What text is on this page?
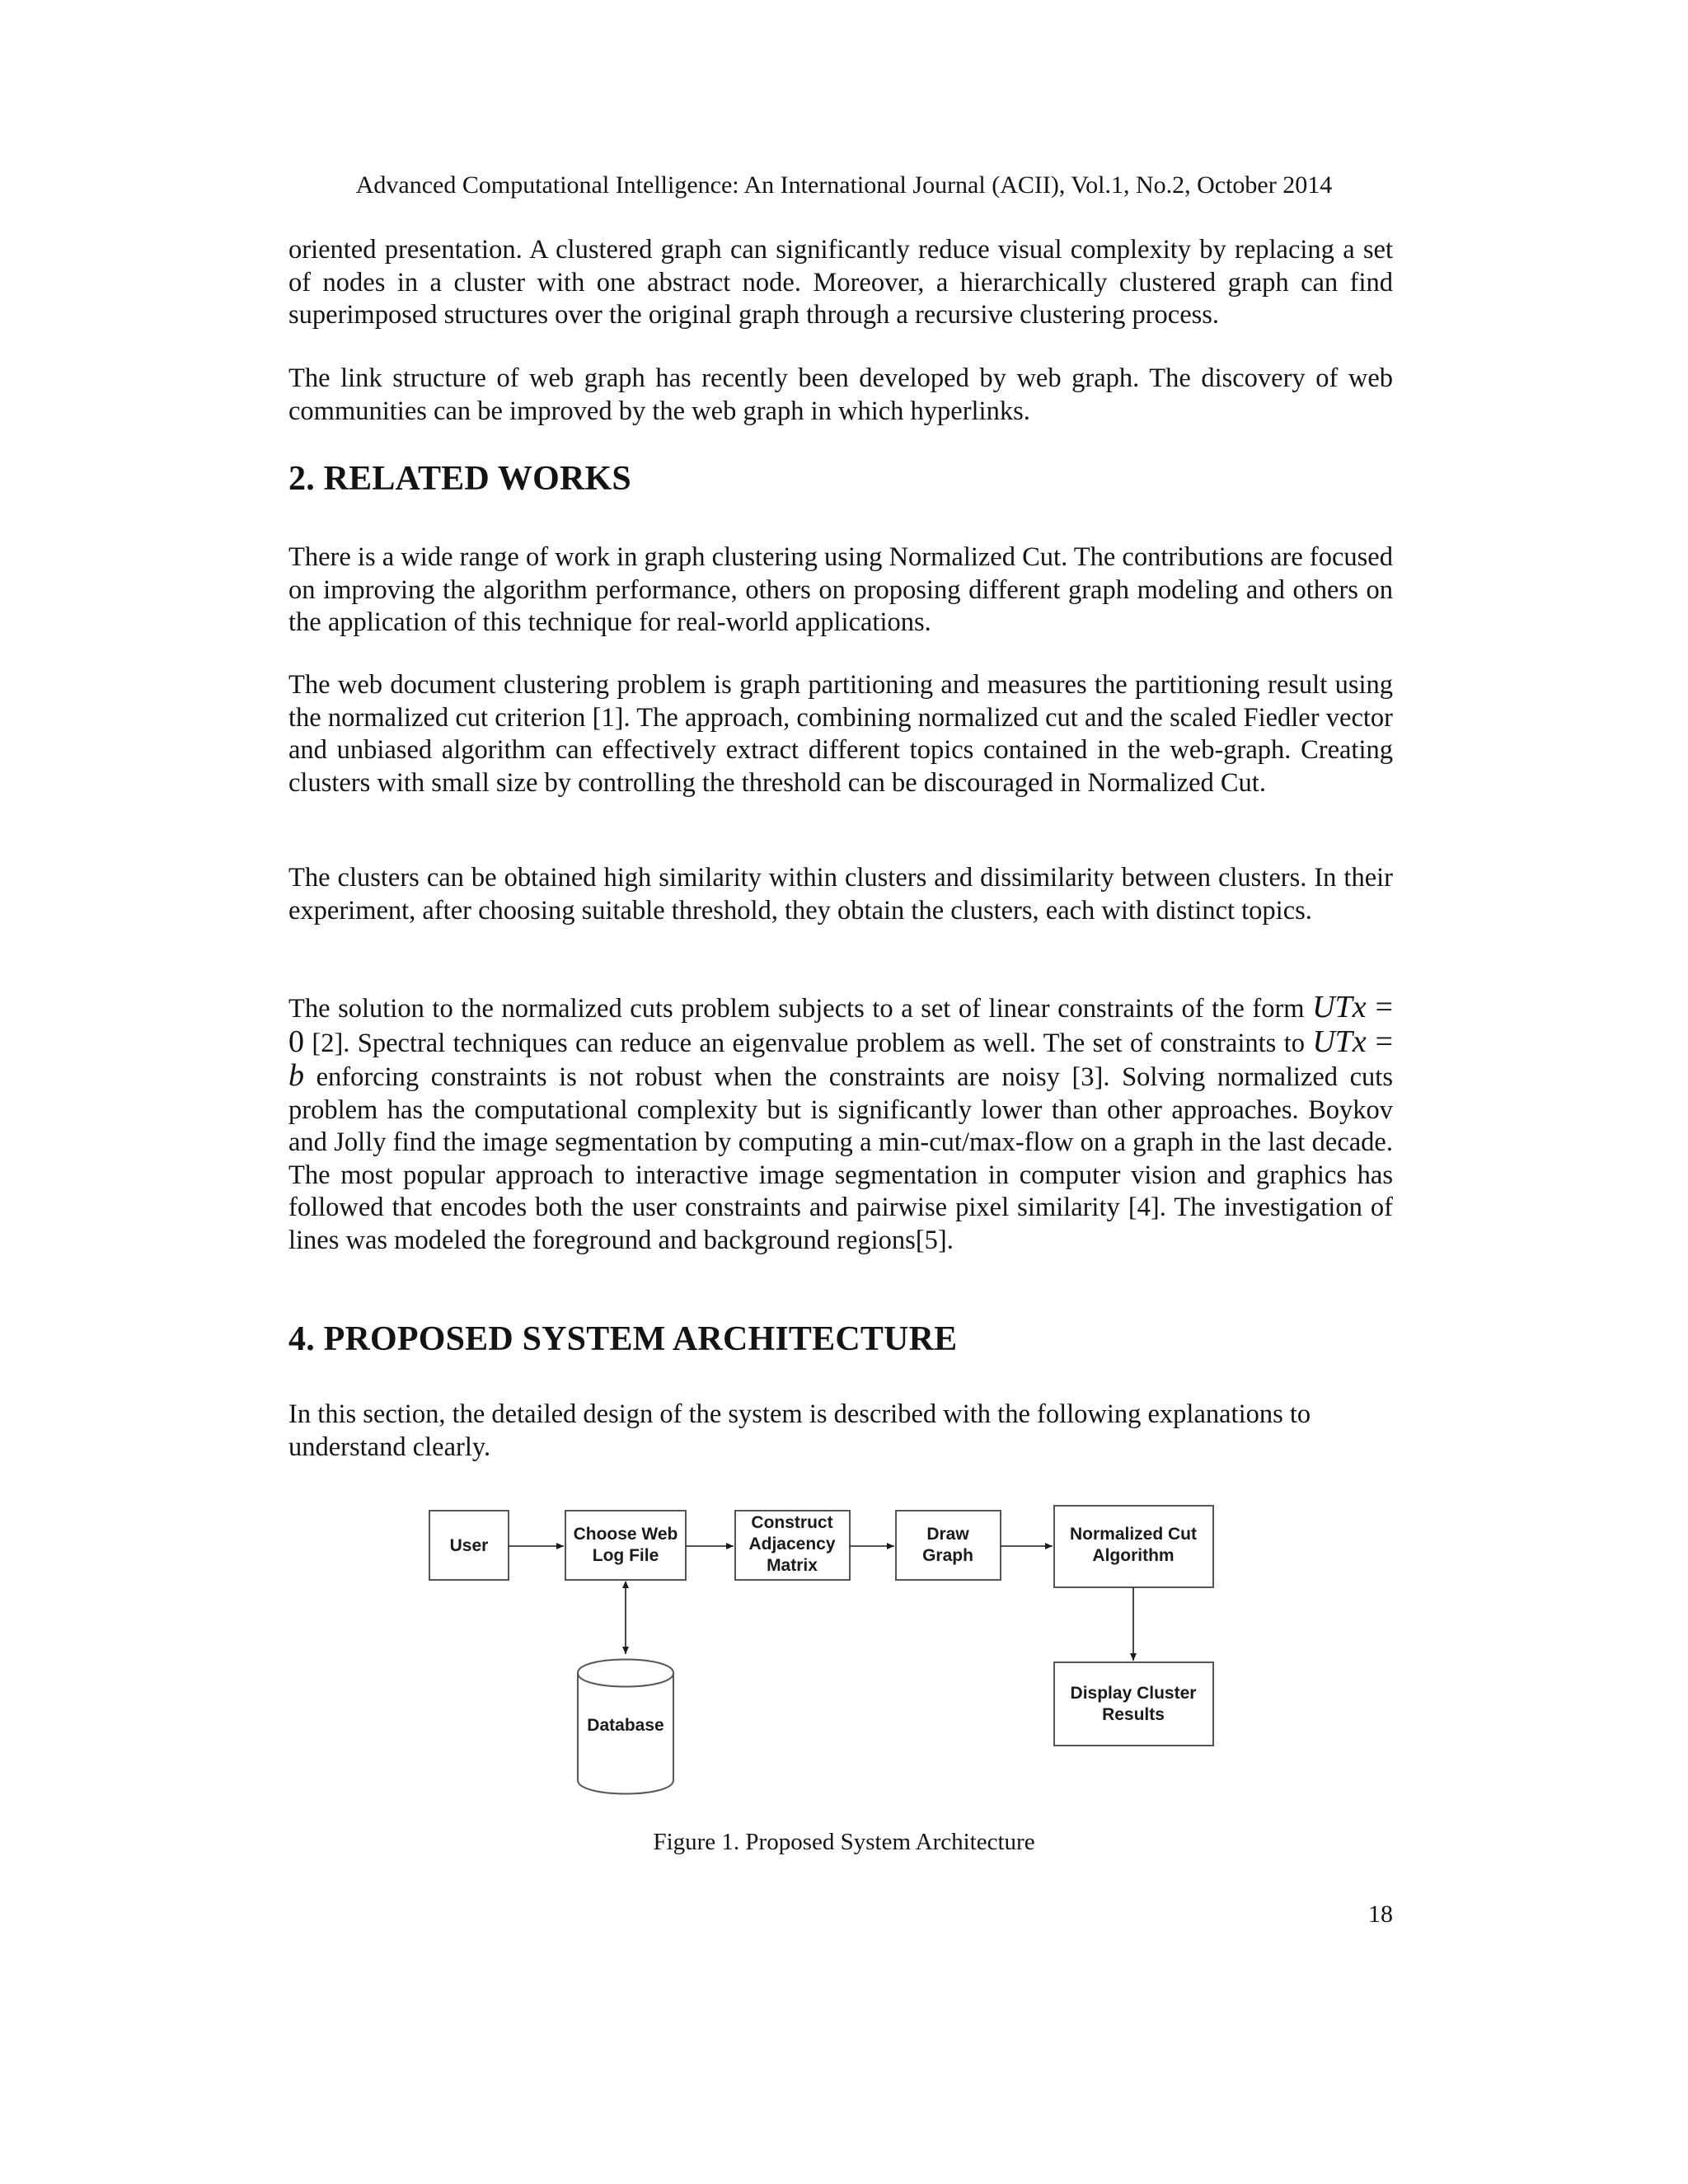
Advanced Computational Intelligence: An International Journal (ACII), Vol.1, No.2, October 2014

oriented presentation. A clustered graph can significantly reduce visual complexity by replacing a set of nodes in a cluster with one abstract node. Moreover, a hierarchically clustered graph can find superimposed structures over the original graph through a recursive clustering process.

The link structure of web graph has recently been developed by web graph. The discovery of web communities can be improved by the web graph in which hyperlinks.

2. RELATED WORKS

There is a wide range of work in graph clustering using Normalized Cut. The contributions are focused on improving the algorithm performance, others on proposing different graph modeling and others on the application of this technique for real-world applications.

The web document clustering problem is graph partitioning and measures the partitioning result using the normalized cut criterion [1]. The approach, combining normalized cut and the scaled Fiedler vector and unbiased algorithm can effectively extract different topics contained in the web-graph. Creating clusters with small size by controlling the threshold can be discouraged in Normalized Cut.

The clusters can be obtained high similarity within clusters and dissimilarity between clusters. In their experiment, after choosing suitable threshold, they obtain the clusters, each with distinct topics.

The solution to the normalized cuts problem subjects to a set of linear constraints of the form UTx = 0 [2]. Spectral techniques can reduce an eigenvalue problem as well. The set of constraints to UTx = b enforcing constraints is not robust when the constraints are noisy [3]. Solving normalized cuts problem has the computational complexity but is significantly lower than other approaches. Boykov and Jolly find the image segmentation by computing a min-cut/max-flow on a graph in the last decade. The most popular approach to interactive image segmentation in computer vision and graphics has followed that encodes both the user constraints and pairwise pixel similarity [4]. The investigation of lines was modeled the foreground and background regions[5].

4. PROPOSED SYSTEM ARCHITECTURE

In this section, the detailed design of the system is described with the following explanations to understand clearly.

User
Choose Web Log File
Construct Adjacency Matrix
Draw Graph
Normalized Cut Algorithm
Display Cluster Results
Database
Figure 1. Proposed System Architecture
18
